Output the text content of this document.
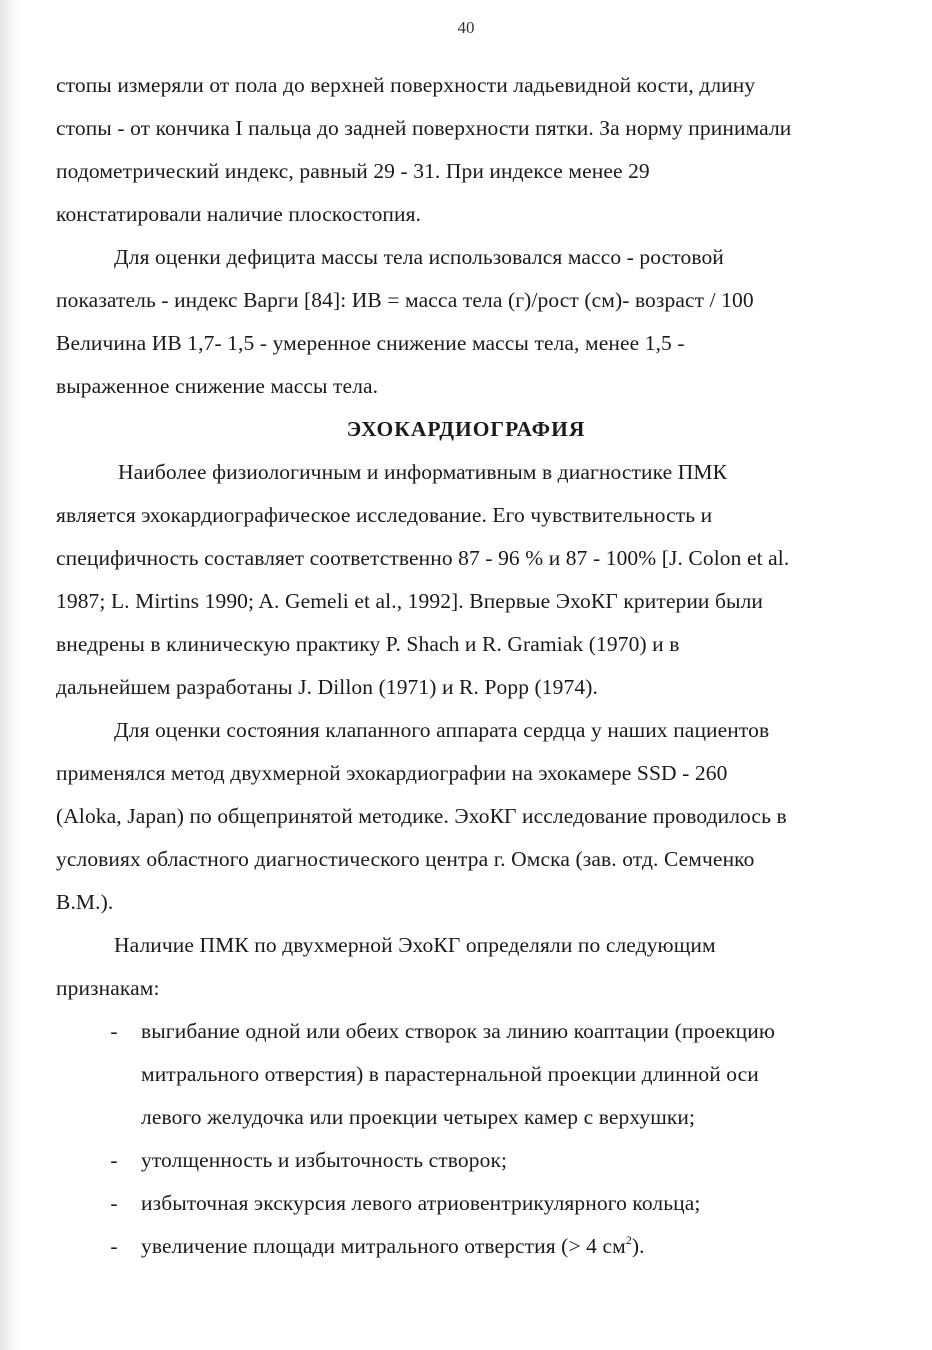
40
стопы измеряли от пола до верхней поверхности ладьевидной кости, длину
стопы - от кончика I пальца до задней поверхности пятки. За норму принимали
подометрический индекс, равный 29 - 31. При индексе менее 29
констатировали наличие плоскостопия.
Для оценки дефицита массы тела использовался массо - ростовой
показатель - индекс Варги [84]: ИВ = масса тела (г)/рост (см)- возраст / 100
Величина ИВ 1,7- 1,5 - умеренное снижение массы тела, менее 1,5 -
выраженное снижение массы тела.
ЭХОКАРДИОГРАФИЯ
Наиболее физиологичным и информативным в диагностике ПМК
является эхокардиографическое исследование. Его чувствительность и
специфичность составляет соответственно 87 - 96 % и 87 - 100% [J. Colon et al.
1987; L. Mirtins 1990; A. Gemeli et al., 1992]. Впервые ЭхоКГ критерии были
внедрены в клиническую практику P. Shach и R. Gramiak (1970) и в
дальнейшем разработаны J. Dillon (1971) и R. Popp (1974).
Для оценки состояния клапанного аппарата сердца у наших пациентов
применялся метод двухмерной эхокардиографии на эхокамере SSD - 260
(Aloka, Japan) по общепринятой методике. ЭхоКГ исследование проводилось в
условиях областного диагностического центра г. Омска (зав. отд. Семченко
В.М.).
Наличие ПМК по двухмерной ЭхоКГ определяли по следующим
признакам:
- выгибание одной или обеих створок за линию коаптации (проекцию
митрального отверстия) в парастернальной проекции длинной оси
левого желудочка или проекции четырех камер с верхушки;
- утолщенность и избыточность створок;
- избыточная экскурсия левого атриовентрикулярного кольца;
- увеличение площади митрального отверстия (> 4 $см^2$).
